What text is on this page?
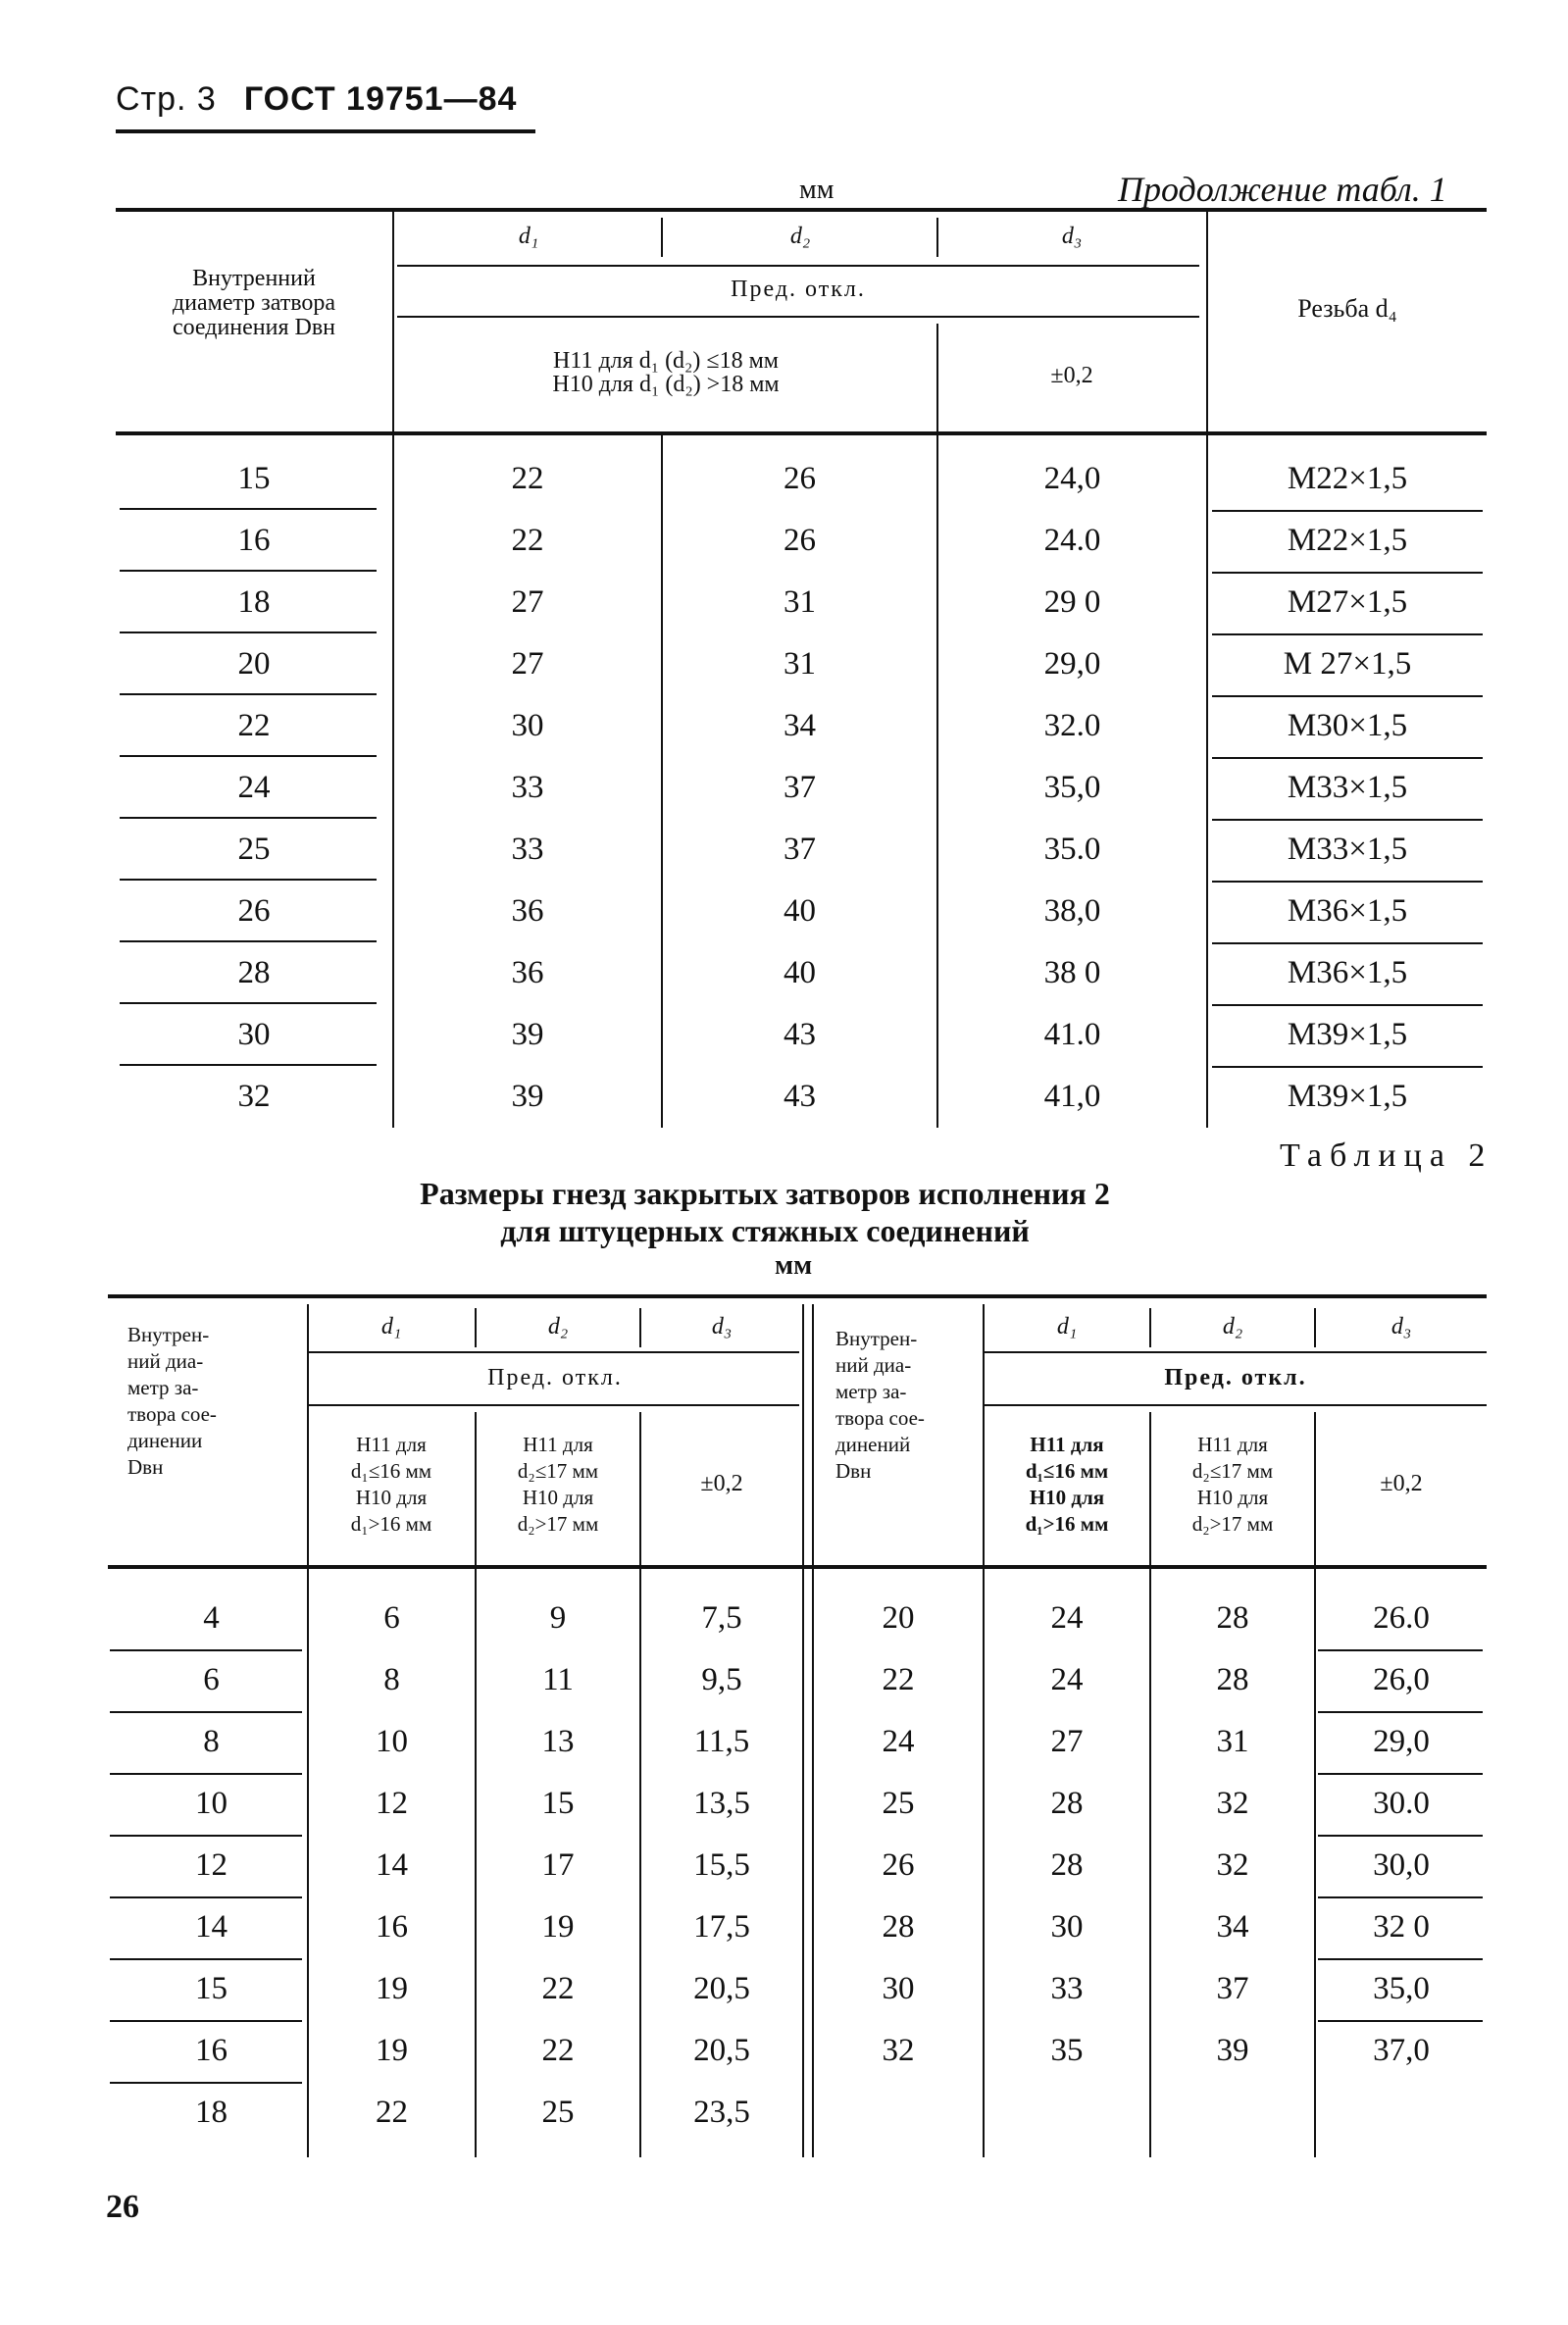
Стр. 3 ГОСТ 19751—84
мм	Продолжение табл. 1
Внутренний
диаметр затвора
соединения Dвн
d₁	d₂	d₃
Пред. откл.
H11 для d₁ (d₂) ≤18 мм
H10 для d₁ (d₂) >18 мм	±0,2
Резьба d₄
15	22	26	24,0	M22×1,5
16	22	26	24.0	M22×1,5
18	27	31	29 0	M27×1,5
20	27	31	29,0	M 27×1,5
22	30	34	32.0	M30×1,5
24	33	37	35,0	M33×1,5
25	33	37	35.0	M33×1,5
26	36	40	38,0	M36×1,5
28	36	40	38 0	M36×1,5
30	39	43	41.0	M39×1,5
32	39	43	41,0	M39×1,5
Таблица 2
Размеры гнезд закрытых затворов исполнения 2
для штуцерных стяжных соединений
мм
Внутрен-
ний диа-
метр за-
твора сое-
динении
Dвн
d₁	d₂	d₃
Пред. откл.
H11 для
d₁≤16 мм
H10 для
d₁>16 мм
H11 для
d₂≤17 мм
H10 для
d₂>17 мм
±0,2
Внутрен-
ний диа-
метр за-
твора сое-
динений
Dвн
d₁	d₂	d₃
Пред. откл.
H11 для
d₁≤16 мм
H10 для
d₁>16 мм
H11 для
d₂≤17 мм
H10 для
d₂>17 мм
±0,2
4	6	9	7,5
6	8	11	9,5
8	10	13	11,5
10	12	15	13,5
12	14	17	15,5
14	16	19	17,5
15	19	22	20,5
16	19	22	20,5
18	22	25	23,5
20	24	28	26.0
22	24	28	26,0
24	27	31	29,0
25	28	32	30.0
26	28	32	30,0
28	30	34	32 0
30	33	37	35,0
32	35	39	37,0
26
